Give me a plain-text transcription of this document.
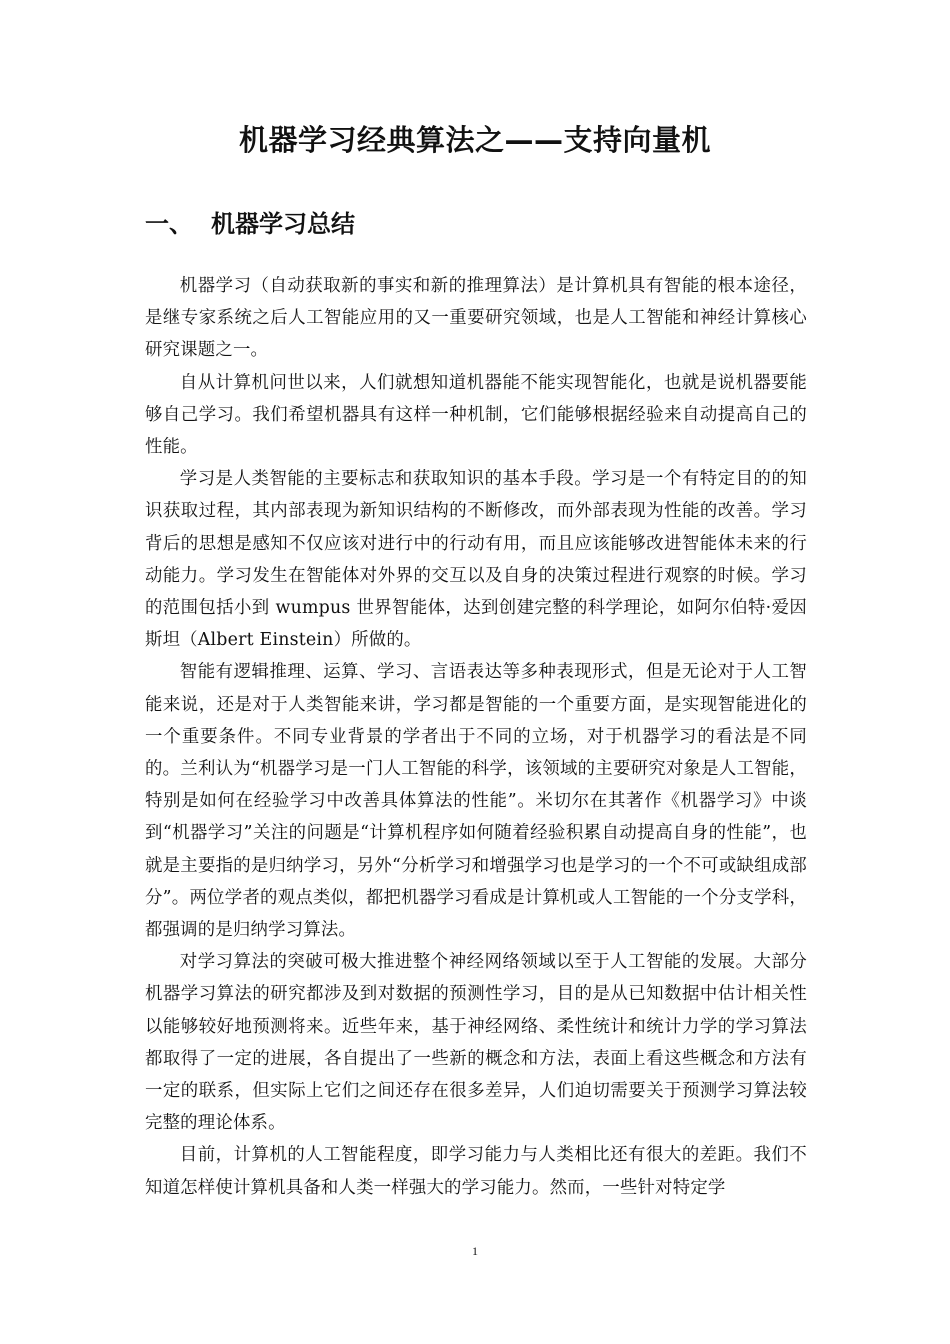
机器学习经典算法之——支持向量机
一、 机器学习总结

机器学习（自动获取新的事实和新的推理算法）是计算机具有智能的根本途径，是继专家系统之后人工智能应用的又一重要研究领域，也是人工智能和神经计算核心研究课题之一。

自从计算机问世以来，人们就想知道机器能不能实现智能化，也就是说机器要能够自己学习。我们希望机器具有这样一种机制，它们能够根据经验来自动提高自己的性能。

学习是人类智能的主要标志和获取知识的基本手段。学习是一个有特定目的的知识获取过程，其内部表现为新知识结构的不断修改，而外部表现为性能的改善。学习背后的思想是感知不仅应该对进行中的行动有用，而且应该能够改进智能体未来的行动能力。学习发生在智能体对外界的交互以及自身的决策过程进行观察的时候。学习的范围包括小到 wumpus 世界智能体，达到创建完整的科学理论，如阿尔伯特·爱因斯坦（Albert Einstein）所做的。

智能有逻辑推理、运算、学习、言语表达等多种表现形式，但是无论对于人工智能来说，还是对于人类智能来讲，学习都是智能的一个重要方面，是实现智能进化的一个重要条件。不同专业背景的学者出于不同的立场，对于机器学习的看法是不同的。兰利认为“机器学习是一门人工智能的科学，该领域的主要研究对象是人工智能，特别是如何在经验学习中改善具体算法的性能”。米切尔在其著作《机器学习》中谈到“机器学习”关注的问题是“计算机程序如何随着经验积累自动提高自身的性能”，也就是主要指的是归纳学习，另外“分析学习和增强学习也是学习的一个不可或缺组成部分”。两位学者的观点类似，都把机器学习看成是计算机或人工智能的一个分支学科，都强调的是归纳学习算法。

对学习算法的突破可极大推进整个神经网络领域以至于人工智能的发展。大部分机器学习算法的研究都涉及到对数据的预测性学习，目的是从已知数据中估计相关性以能够较好地预测将来。近些年来，基于神经网络、柔性统计和统计力学的学习算法都取得了一定的进展，各自提出了一些新的概念和方法，表面上看这些概念和方法有一定的联系，但实际上它们之间还存在很多差异，人们迫切需要关于预测学习算法较完整的理论体系。

目前，计算机的人工智能程度，即学习能力与人类相比还有很大的差距。我们不知道怎样使计算机具备和人类一样强大的学习能力。然而，一些针对特定学

1
